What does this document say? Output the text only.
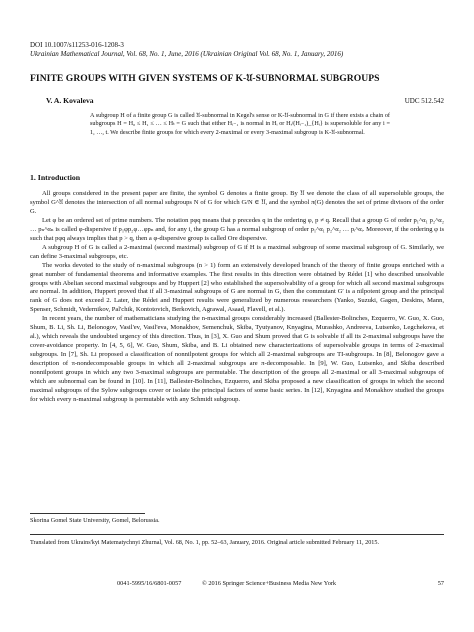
DOI 10.1007/s11253-016-1208-3
Ukrainian Mathematical Journal, Vol. 68, No. 1, June, 2016 (Ukrainian Original Vol. 68, No. 1, January, 2016)
FINITE GROUPS WITH GIVEN SYSTEMS OF K-𝔘-SUBNORMAL SUBGROUPS
V. A. Kovaleva	UDC 512.542
A subgroup H of a finite group G is called 𝔘-subnormal in Kegel's sense or K-𝔘-subnormal in G if there exists a chain of subgroups H = H₀ ≤ H₁ ≤ … ≤ Hₜ = G such that either Hᵢ₋₁ is normal in Hᵢ or Hᵢ/(Hᵢ₋₁)_{Hᵢ} is supersoluble for any i = 1, …, t. We describe finite groups for which every 2-maximal or every 3-maximal subgroup is K-𝔘-subnormal.
1. Introduction

All groups considered in the present paper are finite, the symbol G denotes a finite group. By 𝔘 we denote the class of all supersoluble groups, the symbol G^𝔘 denotes the intersection of all normal subgroups N of G for which G/N ∈ 𝔘, and the symbol π(G) denotes the set of prime divisors of the order G.

Let φ be an ordered set of prime numbers. The notation pφq means that p precedes q in the ordering φ, p ≠ q. Recall that a group G of order p₁^α₁ p₂^α₂ … pₙ^αₙ is called φ-dispersive if p₁φp₂φ…φpₙ and, for any i, the group G has a normal subgroup of order p₁^α₁ p₂^α₂ … pᵢ^αᵢ. Moreover, if the ordering φ is such that pφq always implies that p > q, then a φ-dispersive group is called Ore dispersive.

A subgroup H of G is called a 2-maximal (second maximal) subgroup of G if H is a maximal subgroup of some maximal subgroup of G. Similarly, we can define 3-maximal subgroups, etc.

The works devoted to the study of n-maximal subgroups (n > 1) form an extensively developed branch of the theory of finite groups enriched with a great number of fundamental theorems and informative examples. The first results in this direction were obtained by Rédei [1] who described unsolvable groups with Abelian second maximal subgroups and by Huppert [2] who established the supersolvability of a group for which all second maximal subgroups are normal. In addition, Huppert proved that if all 3-maximal subgroups of G are normal in G, then the commutant G′ is a nilpotent group and the principal rank of G does not exceed 2. Later, the Rédei and Huppert results were generalized by numerous researchers (Yanko, Suzuki, Gagen, Deskins, Mann, Spenser, Schmidt, Vedernikov, Pal'chik, Kontotovich, Berkovich, Agrawal, Asaad, Flavell, et al.).

In recent years, the number of mathematicians studying the n-maximal groups considerably increased (Ballester-Bolinches, Ezquerro, W. Guo, X. Guo, Shum, B. Li, Sh. Li, Belonogov, Vasil'ev, Vasil'eva, Monakhov, Semenchuk, Skiba, Tyutyanov, Knyagina, Murashko, Andreeva, Lutsenko, Legchekova, et al.), which reveals the undoubted urgency of this direction. Thus, in [3], X. Guo and Shum proved that G is solvable if all its 2-maximal subgroups have the cover-avoidance property. In [4, 5, 6], W. Guo, Shum, Skiba, and B. Li obtained new characterizations of supersolvable groups in terms of 2-maximal subgroups. In [7], Sh. Li proposed a classification of nonnilpotent groups for which all 2-maximal subgroups are TI-subgroups. In [8], Belonogov gave a description of π-nondecomposable groups in which all 2-maximal subgroups are π-decomposable. In [9], W. Guo, Lutsenko, and Skiba described nonnilpotent groups in which any two 3-maximal subgroups are permutable. The description of the groups all 2-maximal or all 3-maximal subgroups of which are subnormal can be found in [10]. In [11], Ballester-Bolinches, Ezquerro, and Skiba proposed a new classification of groups in which the second maximal subgroups of the Sylow subgroups cover or isolate the principal factors of some basic series. In [12], Knyagina and Monakhov studied the groups for which every n-maximal subgroup is permutable with any Schmidt subgroup.

Skorina Gomel State University, Gomel, Belorussia.
Translated from Ukrains'kyi Matematychnyi Zhurnal, Vol. 68, No. 1, pp. 52–63, January, 2016. Original article submitted February 11, 2015.
0041-5995/16/6801-0057	© 2016 Springer Science+Business Media New York	57
